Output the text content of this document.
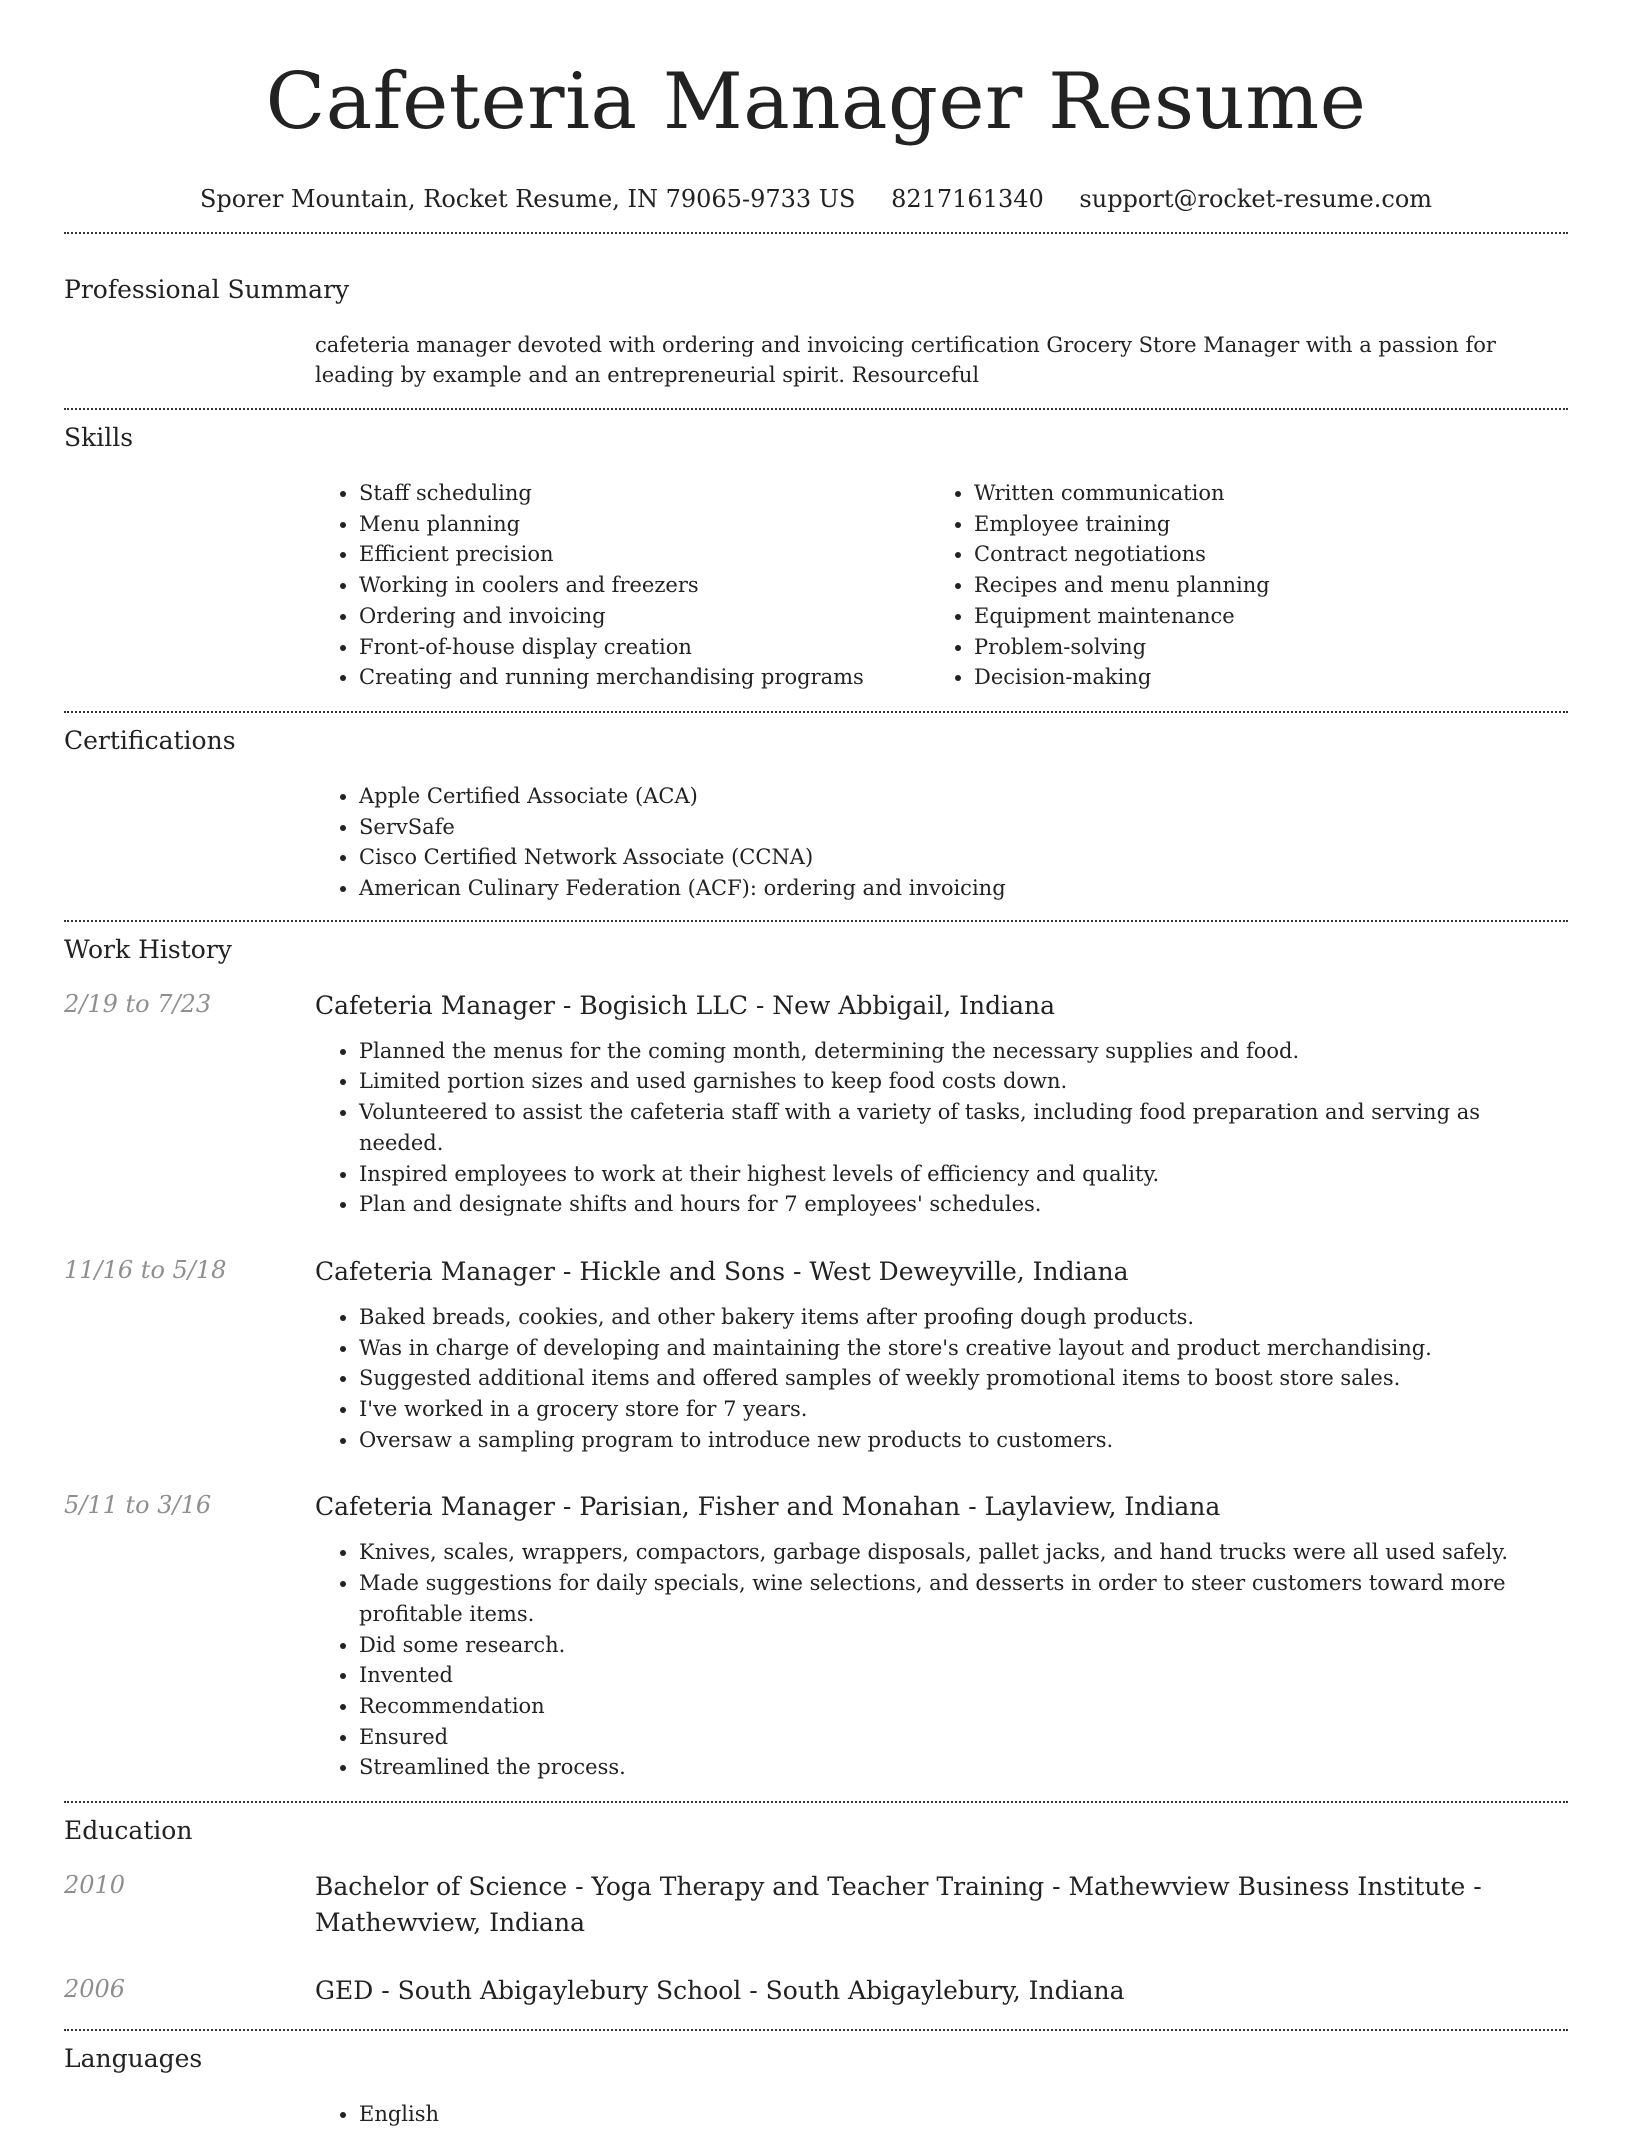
Cafeteria Manager Resume
Sporer Mountain, Rocket Resume, IN 79065-9733 US 8217161340 support@rocket-resume.com
Professional Summary

cafeteria manager devoted with ordering and invoicing certification Grocery Store Manager with a passion for leading by example and an entrepreneurial spirit. Resourceful

Skills
• Staff scheduling
• Menu planning
• Efficient precision
• Working in coolers and freezers
• Ordering and invoicing
• Front-of-house display creation
• Creating and running merchandising programs
• Written communication
• Employee training
• Contract negotiations
• Recipes and menu planning
• Equipment maintenance
• Problem-solving
• Decision-making
Certifications
• Apple Certified Associate (ACA)
• ServSafe
• Cisco Certified Network Associate (CCNA)
• American Culinary Federation (ACF): ordering and invoicing
Work History
2/19 to 7/23	Cafeteria Manager - Bogisich LLC - New Abbigail, Indiana
• Planned the menus for the coming month, determining the necessary supplies and food.
• Limited portion sizes and used garnishes to keep food costs down.
• Volunteered to assist the cafeteria staff with a variety of tasks, including food preparation and serving as needed.
• Inspired employees to work at their highest levels of efficiency and quality.
• Plan and designate shifts and hours for 7 employees' schedules.
11/16 to 5/18	Cafeteria Manager - Hickle and Sons - West Deweyville, Indiana
• Baked breads, cookies, and other bakery items after proofing dough products.
• Was in charge of developing and maintaining the store's creative layout and product merchandising.
• Suggested additional items and offered samples of weekly promotional items to boost store sales.
• I've worked in a grocery store for 7 years.
• Oversaw a sampling program to introduce new products to customers.
5/11 to 3/16	Cafeteria Manager - Parisian, Fisher and Monahan - Laylaview, Indiana
• Knives, scales, wrappers, compactors, garbage disposals, pallet jacks, and hand trucks were all used safely.
• Made suggestions for daily specials, wine selections, and desserts in order to steer customers toward more profitable items.
• Did some research.
• Invented
• Recommendation
• Ensured
• Streamlined the process.
Education
2010	Bachelor of Science - Yoga Therapy and Teacher Training - Mathewview Business Institute - Mathewview, Indiana
2006	GED - South Abigaylebury School - South Abigaylebury, Indiana
Languages
• English
